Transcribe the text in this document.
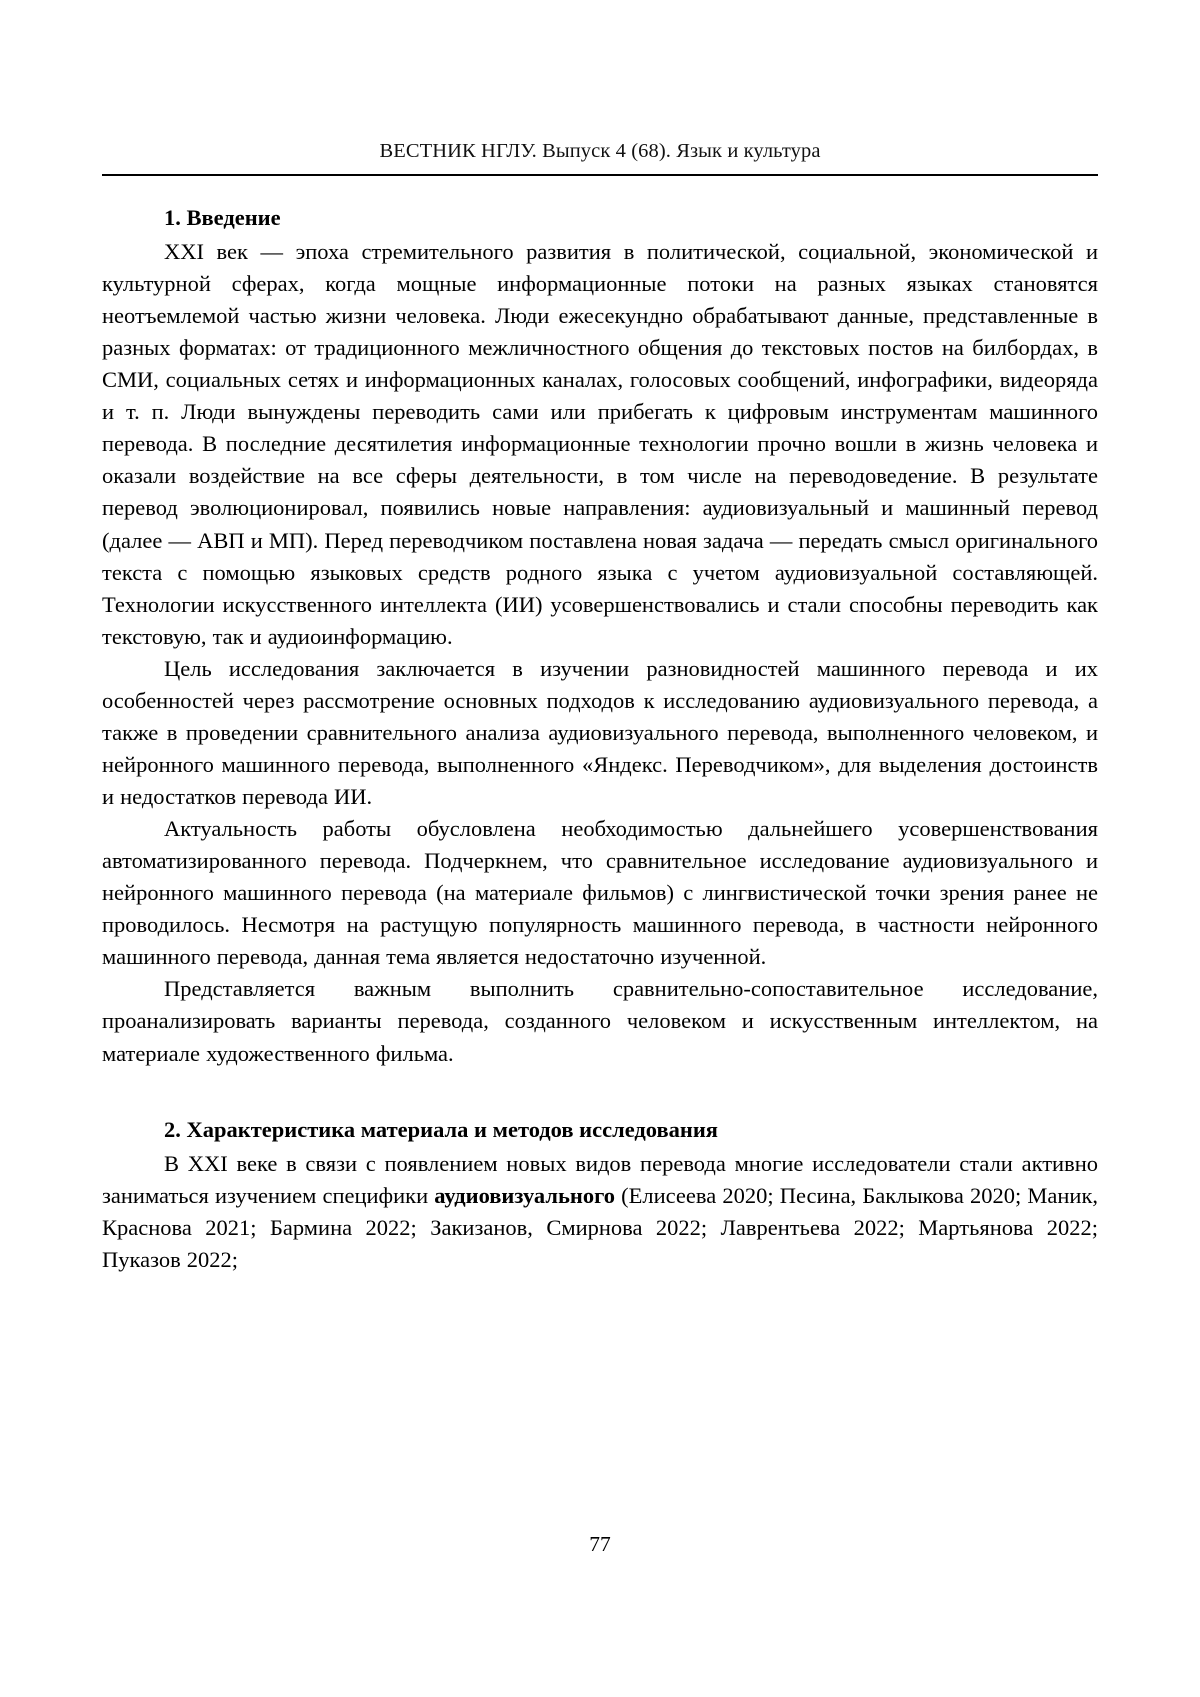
ВЕСТНИК НГЛУ. Выпуск 4 (68). Язык и культура
1. Введение

XXI век — эпоха стремительного развития в политической, социальной, экономической и культурной сферах, когда мощные информационные потоки на разных языках становятся неотъемлемой частью жизни человека. Люди ежесекундно обрабатывают данные, представленные в разных форматах: от традиционного межличностного общения до текстовых постов на билбордах, в СМИ, социальных сетях и информационных каналах, голосовых сообщений, инфографики, видеоряда и т. п. Люди вынуждены переводить сами или прибегать к цифровым инструментам машинного перевода. В последние десятилетия информационные технологии прочно вошли в жизнь человека и оказали воздействие на все сферы деятельности, в том числе на переводоведение. В результате перевод эволюционировал, появились новые направления: аудиовизуальный и машинный перевод (далее — АВП и МП). Перед переводчиком поставлена новая задача — передать смысл оригинального текста с помощью языковых средств родного языка с учетом аудиовизуальной составляющей. Технологии искусственного интеллекта (ИИ) усовершенствовались и стали способны переводить как текстовую, так и аудиоинформацию.

Цель исследования заключается в изучении разновидностей машинного перевода и их особенностей через рассмотрение основных подходов к исследованию аудиовизуального перевода, а также в проведении сравнительного анализа аудиовизуального перевода, выполненного человеком, и нейронного машинного перевода, выполненного «Яндекс. Переводчиком», для выделения достоинств и недостатков перевода ИИ.

Актуальность работы обусловлена необходимостью дальнейшего усовершенствования автоматизированного перевода. Подчеркнем, что сравнительное исследование аудиовизуального и нейронного машинного перевода (на материале фильмов) с лингвистической точки зрения ранее не проводилось. Несмотря на растущую популярность машинного перевода, в частности нейронного машинного перевода, данная тема является недостаточно изученной.

Представляется важным выполнить сравнительно-сопоставительное исследование, проанализировать варианты перевода, созданного человеком и искусственным интеллектом, на материале художественного фильма.

2. Характеристика материала и методов исследования

В XXI веке в связи с появлением новых видов перевода многие исследователи стали активно заниматься изучением специфики аудиовизуального (Елисеева 2020; Песина, Баклыкова 2020; Маник, Краснова 2021; Бармина 2022; Закизанов, Смирнова 2022; Лаврентьева 2022; Мартьянова 2022; Пуказов 2022;

77
